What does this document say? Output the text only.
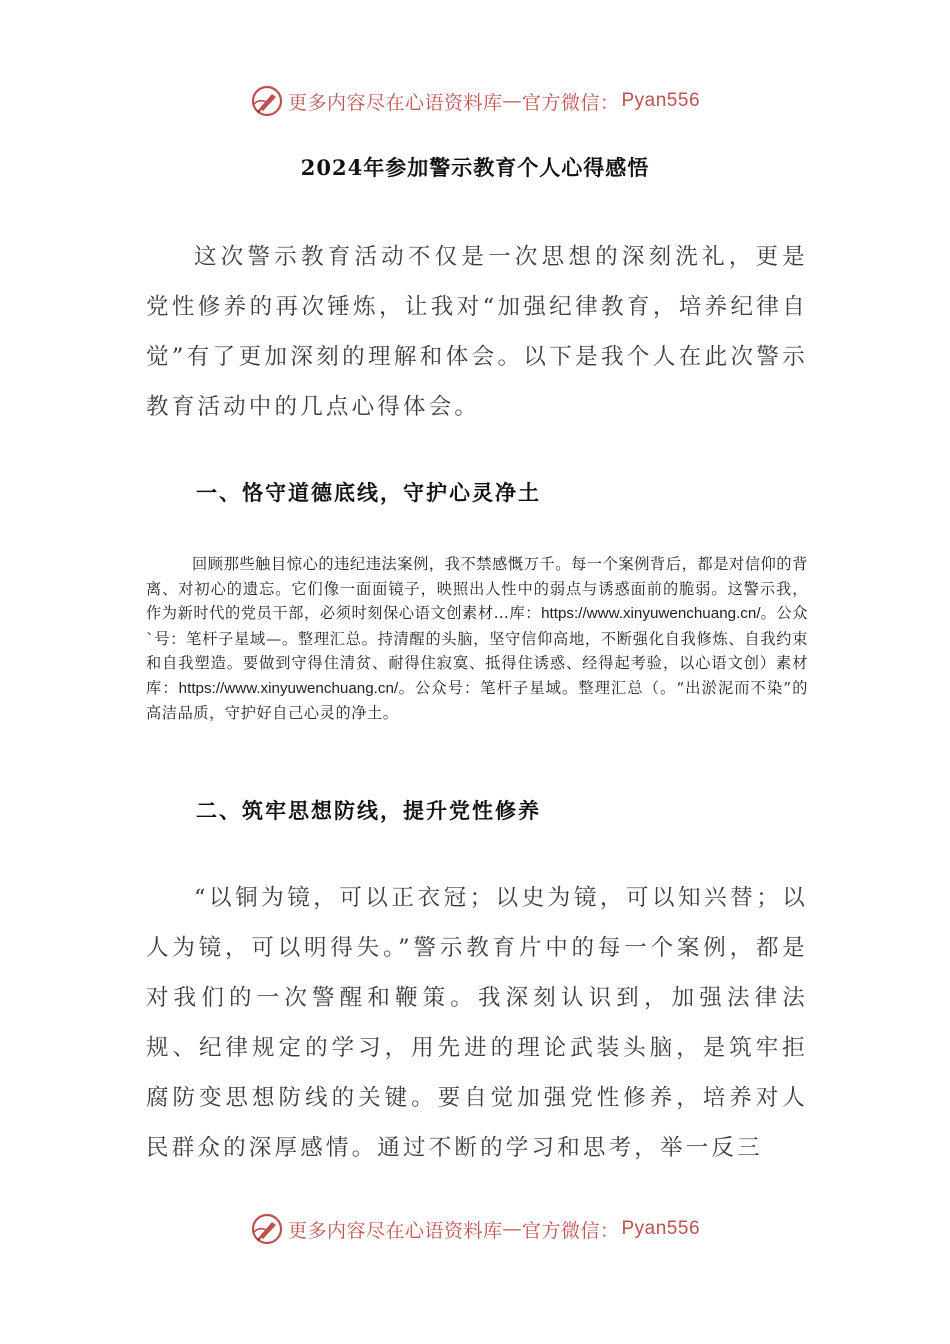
更多内容尽在心语资料库 — 官方微信： Pyan556
2024年参加警示教育个人心得感悟

这次警示教育活动不仅是一次思想的深刻洗礼，更是党性修养的再次锤炼，让我对“加强纪律教育，培养纪律自觉”有了更加深刻的理解和体会。以下是我个人在此次警示教育活动中的几点心得体会。

一、恪守道德底线，守护心灵净土

回顾那些触目惊心的违纪违法案例，我不禁感慨万千。每一个案例背后，都是对信仰的背离、对初心的遗忘。它们像一面面镜子，映照出人性中的弱点与诱惑面前的脆弱。这警示我，作为新时代的党员干部，必须时刻保心语文创素材…库：https://www.xinyuwenchuang.cn/。公众`号：笔杆子星域—。整理汇总。持清醒的头脑，坚守信仰高地，不断强化自我修炼、自我约束和自我塑造。要做到守得住清贫、耐得住寂寞、抵得住诱惑、经得起考验，以心语文创）素材库：https://www.xinyuwenchuang.cn/。公众号：笔杆子星域。整理汇总（。“出淤泥而不染”的高洁品质，守护好自己心灵的净土。

二、筑牢思想防线，提升党性修养

“以铜为镜，可以正衣冠；以史为镜，可以知兴替；以人为镜，可以明得失。”警示教育片中的每一个案例，都是对我们的一次警醒和鞭策。我深刻认识到，加强法律法规、纪律规定的学习，用先进的理论武装头脑，是筑牢拒腐防变思想防线的关键。要自觉加强党性修养，培养对人民群众的深厚感情。通过不断的学习和思考，举一反三

更多内容尽在心语资料库 — 官方微信： Pyan556
